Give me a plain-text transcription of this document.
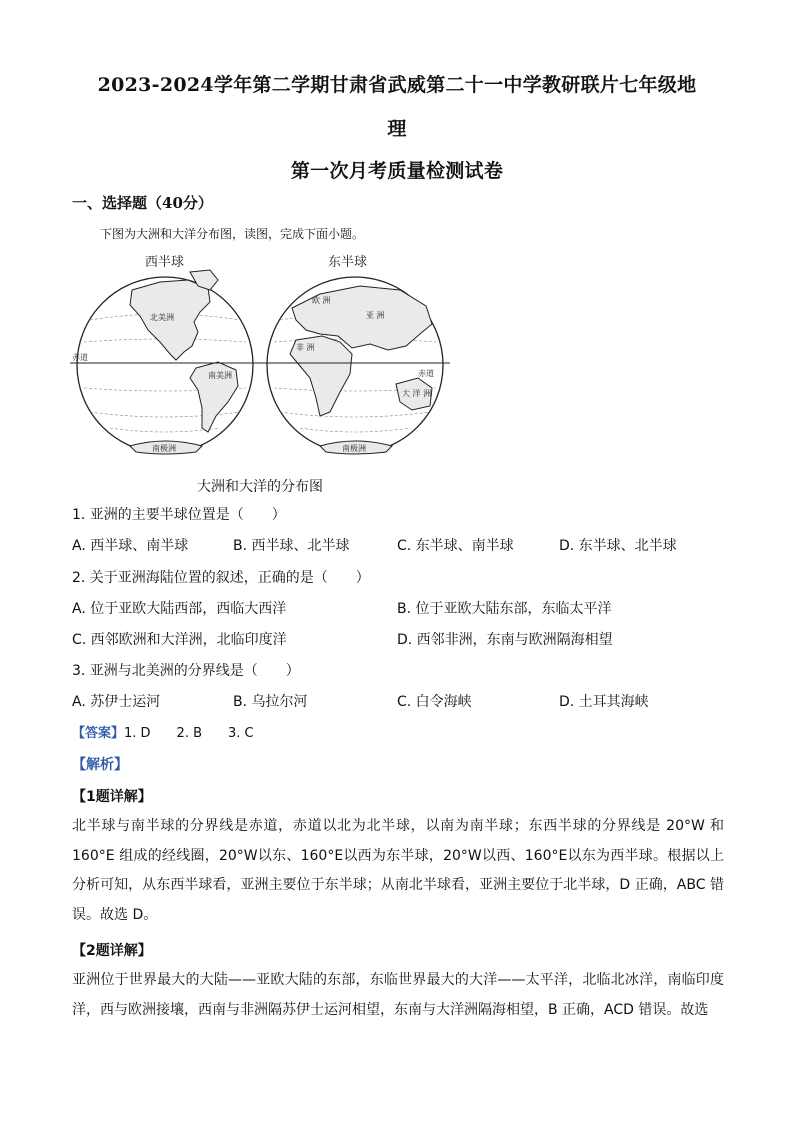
2023-2024学年第二学期甘肃省武威第二十一中学教研联片七年级地
理
第一次月考质量检测试卷
一、选择题（40分）
下图为大洲和大洋分布图，读图，完成下面小题。
西半球	东半球
北美洲
南美洲
南极洲
欧 洲
亚 洲
非 洲
大 洋 洲
南极洲
赤道
赤道
大洲和大洋的分布图
1. 亚洲的主要半球位置是（　　）
A. 西半球、南半球	B. 西半球、北半球	C. 东半球、南半球	D. 东半球、北半球
2. 关于亚洲海陆位置的叙述，正确的是（　　）
A. 位于亚欧大陆西部，西临大西洋	B. 位于亚欧大陆东部，东临太平洋
C. 西邻欧洲和大洋洲，北临印度洋	D. 西邻非洲，东南与欧洲隔海相望
3. 亚洲与北美洲的分界线是（　　）
A. 苏伊士运河	B. 乌拉尔河	C. 白令海峡	D. 土耳其海峡
【答案】1. D　　2. B　　3. C
【解析】
【1题详解】
北半球与南半球的分界线是赤道，赤道以北为北半球，以南为南半球；东西半球的分界线是 20°W 和 160°E 组成的经线圈，20°W以东、160°E以西为东半球，20°W以西、160°E以东为西半球。根据以上分析可知，从东西半球看，亚洲主要位于东半球；从南北半球看，亚洲主要位于北半球，D 正确，ABC 错误。故选 D。
【2题详解】
亚洲位于世界最大的大陆——亚欧大陆的东部，东临世界最大的大洋——太平洋，北临北冰洋，南临印度洋，西与欧洲接壤，西南与非洲隔苏伊士运河相望，东南与大洋洲隔海相望，B 正确，ACD 错误。故选
